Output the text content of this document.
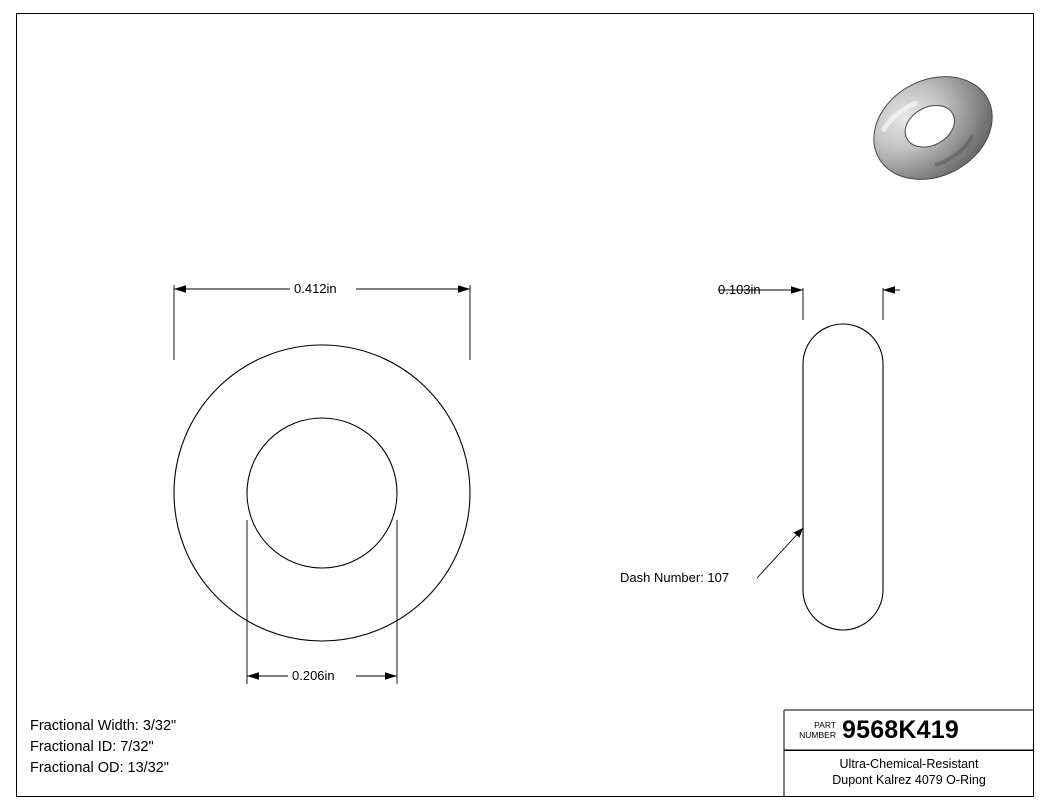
0.412in
0.206in
0.103in
Dash Number: 107
Fractional Width: 3/32"
Fractional ID: 7/32"
Fractional OD: 13/32"
PART
NUMBER 9568K419
Ultra-Chemical-Resistant
Dupont Kalrez 4079 O-Ring
